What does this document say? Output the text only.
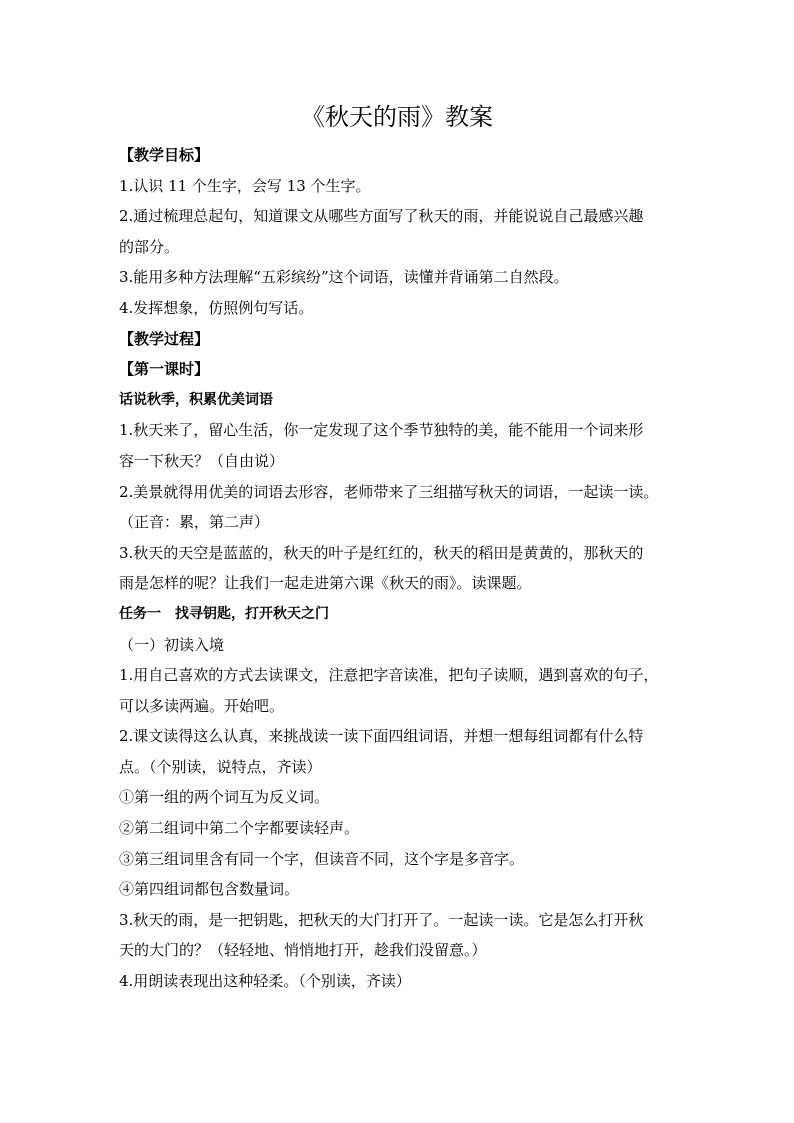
《秋天的雨》教案
【教学目标】
1.认识 11 个生字，会写 13 个生字。
2.通过梳理总起句，知道课文从哪些方面写了秋天的雨，并能说说自己最感兴趣
的部分。
3.能用多种方法理解“五彩缤纷”这个词语，读懂并背诵第二自然段。
4.发挥想象，仿照例句写话。
【教学过程】
【第一课时】
话说秋季，积累优美词语
1.秋天来了，留心生活，你一定发现了这个季节独特的美，能不能用一个词来形
容一下秋天？（自由说）
2.美景就得用优美的词语去形容，老师带来了三组描写秋天的词语，一起读一读。
（正音：累，第二声）
3.秋天的天空是蓝蓝的，秋天的叶子是红红的，秋天的稻田是黄黄的，那秋天的
雨是怎样的呢？让我们一起走进第六课《秋天的雨》。读课题。
任务一　找寻钥匙，打开秋天之门
（一）初读入境
1.用自己喜欢的方式去读课文，注意把字音读准，把句子读顺，遇到喜欢的句子，
可以多读两遍。开始吧。
2.课文读得这么认真，来挑战读一读下面四组词语，并想一想每组词都有什么特
点。（个别读，说特点，齐读）
①第一组的两个词互为反义词。
②第二组词中第二个字都要读轻声。
③第三组词里含有同一个字，但读音不同，这个字是多音字。
④第四组词都包含数量词。
3.秋天的雨，是一把钥匙，把秋天的大门打开了。一起读一读。它是怎么打开秋
天的大门的？（轻轻地、悄悄地打开，趁我们没留意。）
4.用朗读表现出这种轻柔。（个别读，齐读）
